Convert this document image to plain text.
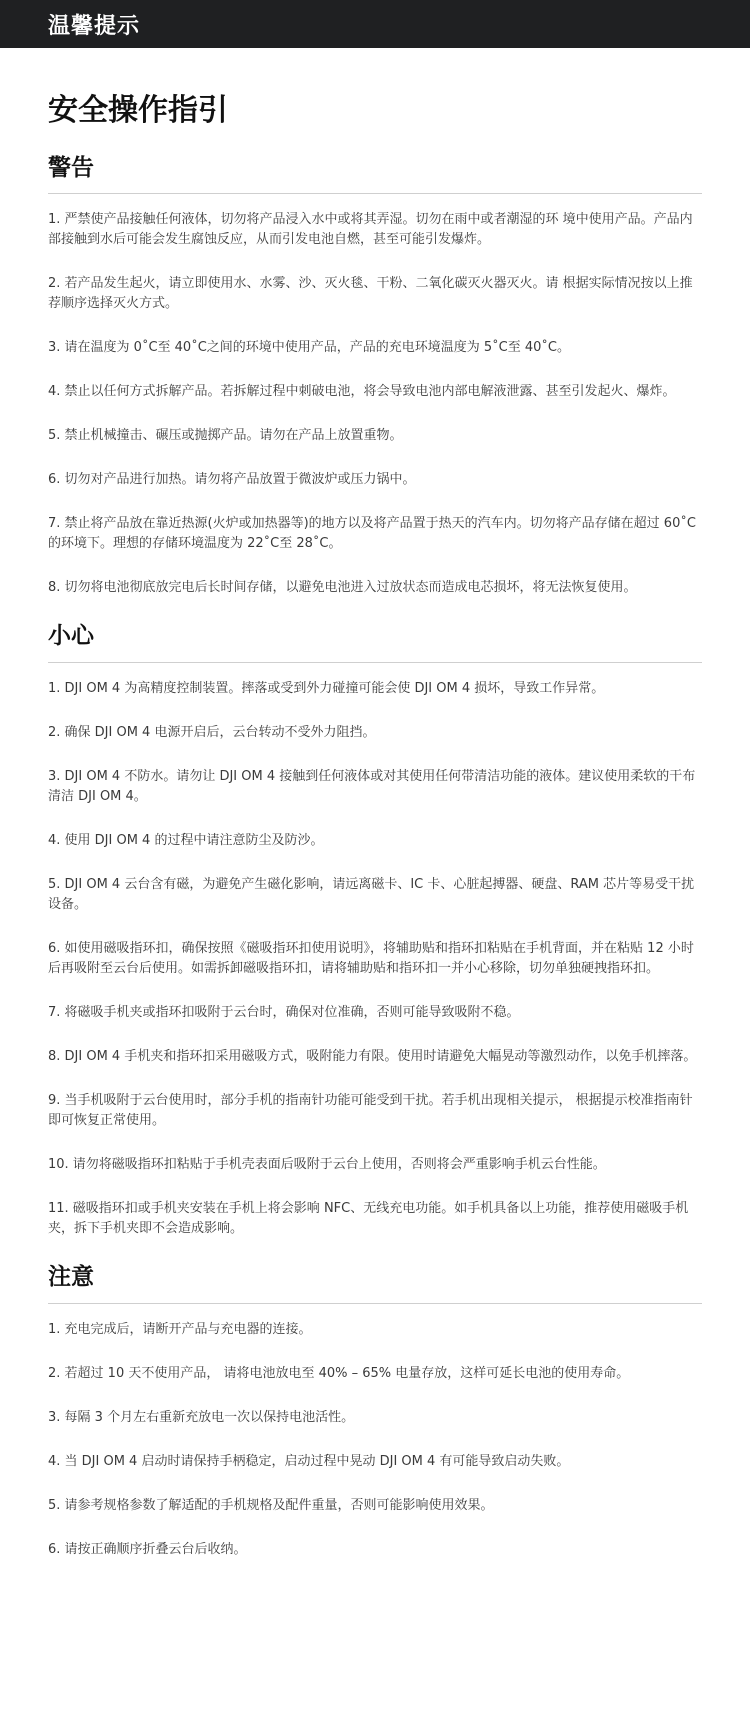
温馨提示
安全操作指引
警告
1. 严禁使产品接触任何液体，切勿将产品浸入水中或将其弄湿。切勿在雨中或者潮湿的环 境中使用产品。产品内部接触到水后可能会发生腐蚀反应，从而引发电池自燃，甚至可能引发爆炸。
2. 若产品发生起火，请立即使用水、水雾、沙、灭火毯、干粉、二氧化碳灭火器灭火。请 根据实际情况按以上推荐顺序选择灭火方式。
3. 请在温度为 0˚C至 40˚C之间的环境中使用产品，产品的充电环境温度为 5˚C至 40˚C。
4. 禁止以任何方式拆解产品。若拆解过程中刺破电池，将会导致电池内部电解液泄露、甚至引发起火、爆炸。
5. 禁止机械撞击、碾压或抛掷产品。请勿在产品上放置重物。
6. 切勿对产品进行加热。请勿将产品放置于微波炉或压力锅中。
7. 禁止将产品放在靠近热源(火炉或加热器等)的地方以及将产品置于热天的汽车内。切勿将产品存储在超过 60˚C的环境下。理想的存储环境温度为 22˚C至 28˚C。
8. 切勿将电池彻底放完电后长时间存储，以避免电池进入过放状态而造成电芯损坏，将无法恢复使用。
小心
1. DJI OM 4 为高精度控制装置。摔落或受到外力碰撞可能会使 DJI OM 4 损坏，导致工作异常。
2. 确保 DJI OM 4 电源开启后，云台转动不受外力阻挡。
3. DJI OM 4 不防水。请勿让 DJI OM 4 接触到任何液体或对其使用任何带清洁功能的液体。建议使用柔软的干布清洁 DJI OM 4。
4. 使用 DJI OM 4 的过程中请注意防尘及防沙。
5. DJI OM 4 云台含有磁，为避免产生磁化影响，请远离磁卡、IC 卡、心脏起搏器、硬盘、RAM 芯片等易受干扰设备。
6. 如使用磁吸指环扣，确保按照《磁吸指环扣使用说明》，将辅助贴和指环扣粘贴在手机背面，并在粘贴 12 小时后再吸附至云台后使用。如需拆卸磁吸指环扣，请将辅助贴和指环扣一并小心移除，切勿单独硬拽指环扣。
7. 将磁吸手机夹或指环扣吸附于云台时，确保对位准确，否则可能导致吸附不稳。
8. DJI OM 4 手机夹和指环扣采用磁吸方式，吸附能力有限。使用时请避免大幅晃动等激烈动作，以免手机摔落。
9. 当手机吸附于云台使用时，部分手机的指南针功能可能受到干扰。若手机出现相关提示， 根据提示校准指南针即可恢复正常使用。
10. 请勿将磁吸指环扣粘贴于手机壳表面后吸附于云台上使用，否则将会严重影响手机云台性能。
11. 磁吸指环扣或手机夹安装在手机上将会影响 NFC、无线充电功能。如手机具备以上功能，推荐使用磁吸手机夹，拆下手机夹即不会造成影响。
注意
1. 充电完成后，请断开产品与充电器的连接。
2. 若超过 10 天不使用产品， 请将电池放电至 40% – 65% 电量存放，这样可延长电池的使用寿命。
3. 每隔 3 个月左右重新充放电一次以保持电池活性。
4. 当 DJI OM 4 启动时请保持手柄稳定，启动过程中晃动 DJI OM 4 有可能导致启动失败。
5. 请参考规格参数了解适配的手机规格及配件重量，否则可能影响使用效果。
6. 请按正确顺序折叠云台后收纳。
